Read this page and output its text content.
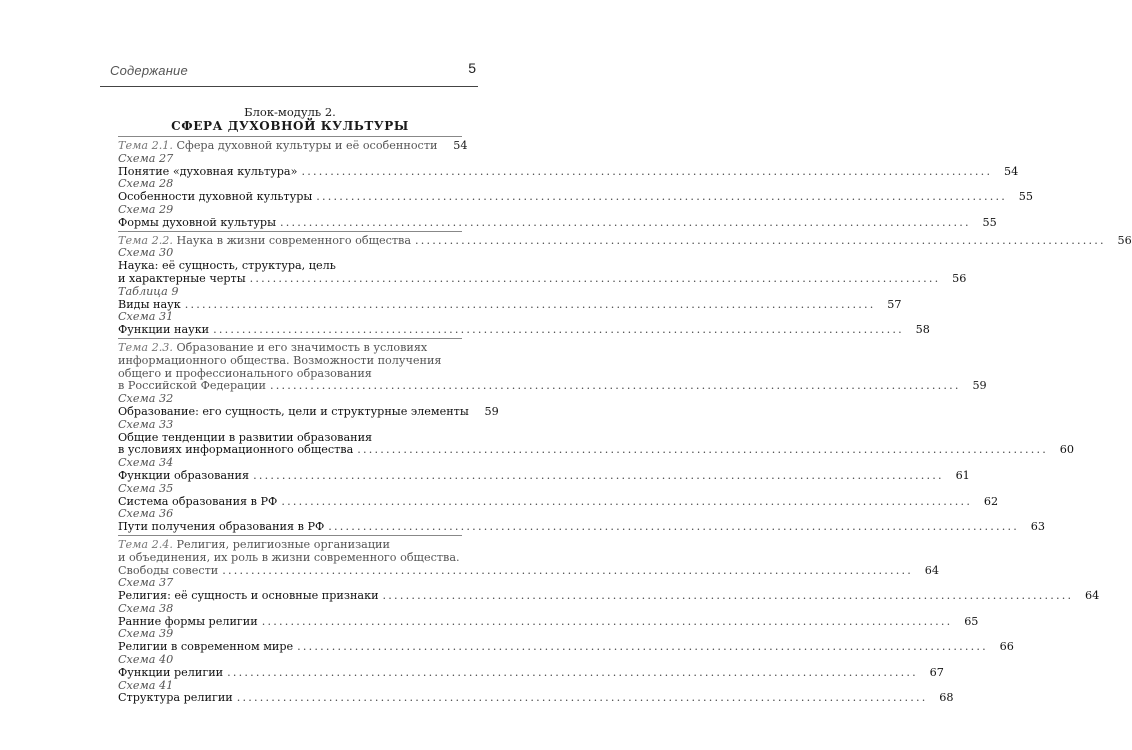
Содержание	5
Блок-модуль 2.
СФЕРА ДУХОВНОЙ КУЛЬТУРЫ
Тема 2.1. Сфера духовной культуры и её особенности	54
Схема 27
Понятие «духовная культура» ........................................................................................................................	54
Схема 28
Особенности духовной культуры ........................................................................................................................	55
Схема 29
Формы духовной культуры ........................................................................................................................	55
Тема 2.2. Наука в жизни современного общества ........................................................................................................................	56
Схема 30
Наука: её сущность, структура, цель
и характерные черты ........................................................................................................................	56
Таблица 9
Виды наук ........................................................................................................................	57
Схема 31
Функции науки ........................................................................................................................	58
Тема 2.3. Образование и его значимость в условиях
информационного общества. Возможности получения
общего и профессионального образования
в Российской Федерации ........................................................................................................................	59
Схема 32
Образование: его сущность, цели и структурные элементы	59
Схема 33
Общие тенденции в развитии образования
в условиях информационного общества ........................................................................................................................	60
Схема 34
Функции образования ........................................................................................................................	61
Схема 35
Система образования в РФ ........................................................................................................................	62
Схема 36
Пути получения образования в РФ ........................................................................................................................	63
Тема 2.4. Религия, религиозные организации
и объединения, их роль в жизни современного общества.
Свободы совести ........................................................................................................................	64
Схема 37
Религия: её сущность и основные признаки ........................................................................................................................	64
Схема 38
Ранние формы религии ........................................................................................................................	65
Схема 39
Религии в современном мире ........................................................................................................................	66
Схема 40
Функции религии ........................................................................................................................	67
Схема 41
Структура религии ........................................................................................................................	68
